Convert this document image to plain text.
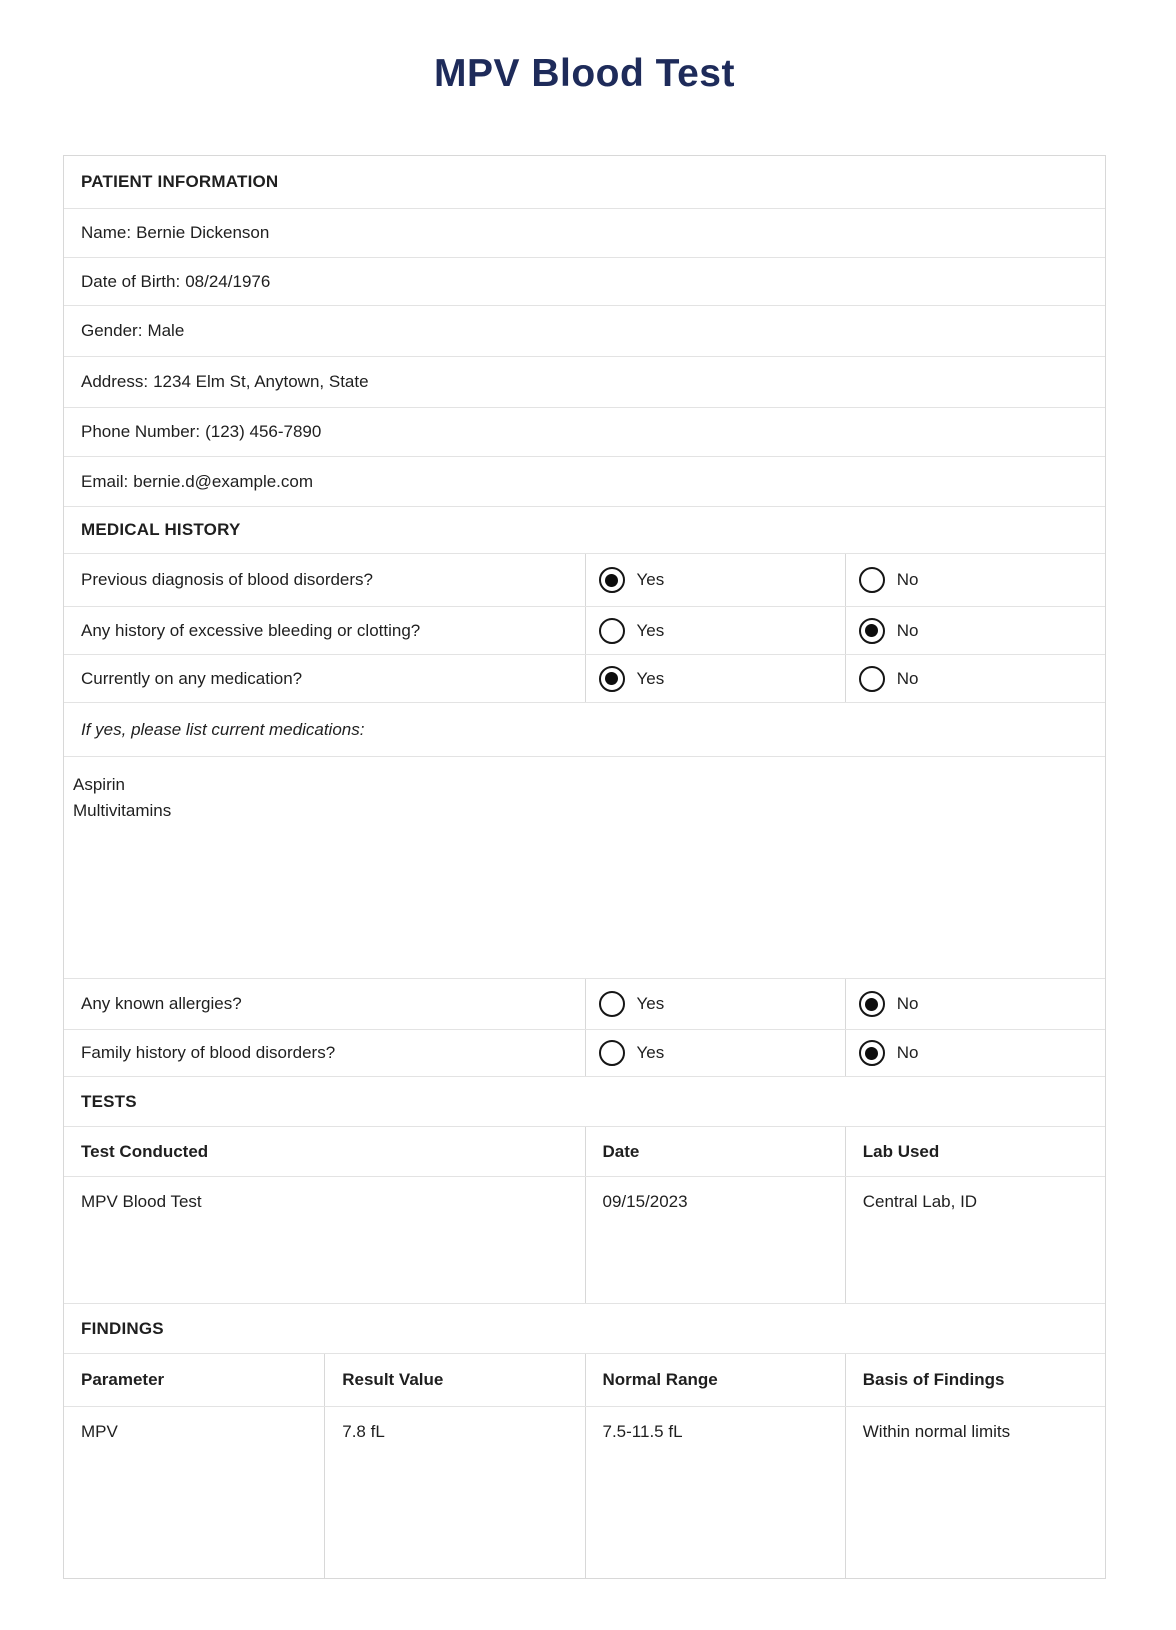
MPV Blood Test
PATIENT INFORMATION
Name: Bernie Dickenson
Date of Birth: 08/24/1976
Gender: Male
Address: 1234 Elm St, Anytown, State
Phone Number: (123) 456-7890
Email: bernie.d@example.com
MEDICAL HISTORY
Previous diagnosis of blood disorders?	Yes	No
Any history of excessive bleeding or clotting?	Yes	No
Currently on any medication?	Yes	No
If yes, please list current medications:
Aspirin
Multivitamins
Any known allergies?	Yes	No
Family history of blood disorders?	Yes	No
TESTS
Test Conducted	Date	Lab Used
MPV Blood Test	09/15/2023	Central Lab, ID
FINDINGS
Parameter	Result Value	Normal Range	Basis of Findings
MPV	7.8 fL	7.5-11.5 fL	Within normal limits
